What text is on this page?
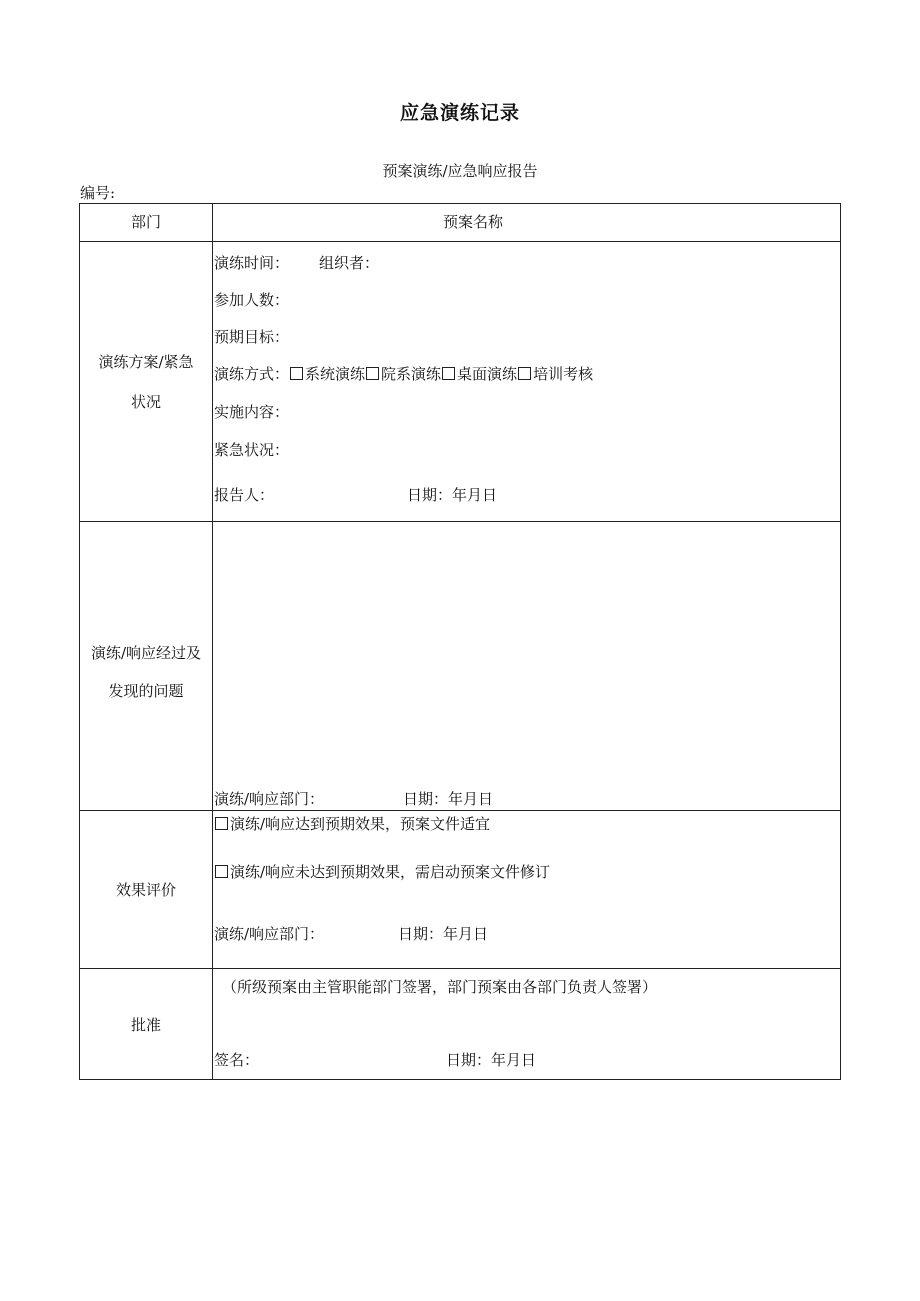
应急演练记录
预案演练/应急响应报告
编号:
部门	预案名称
演练方案/紧急
状况
演练时间： 组织者：
参加人数：
预期目标：
演练方式： 系统演练 院系演练 桌面演练 培训考核
实施内容：
紧急状况：
报告人：	日期：年月日
演练/响应经过及
发现的问题
演练/响应部门：	日期：年月日
效果评价
演练/响应达到预期效果，预案文件适宜
演练/响应未达到预期效果，需启动预案文件修订
演练/响应部门：	日期：年月日
批准
（所级预案由主管职能部门签署，部门预案由各部门负责人签署）
签名：	日期：年月日
